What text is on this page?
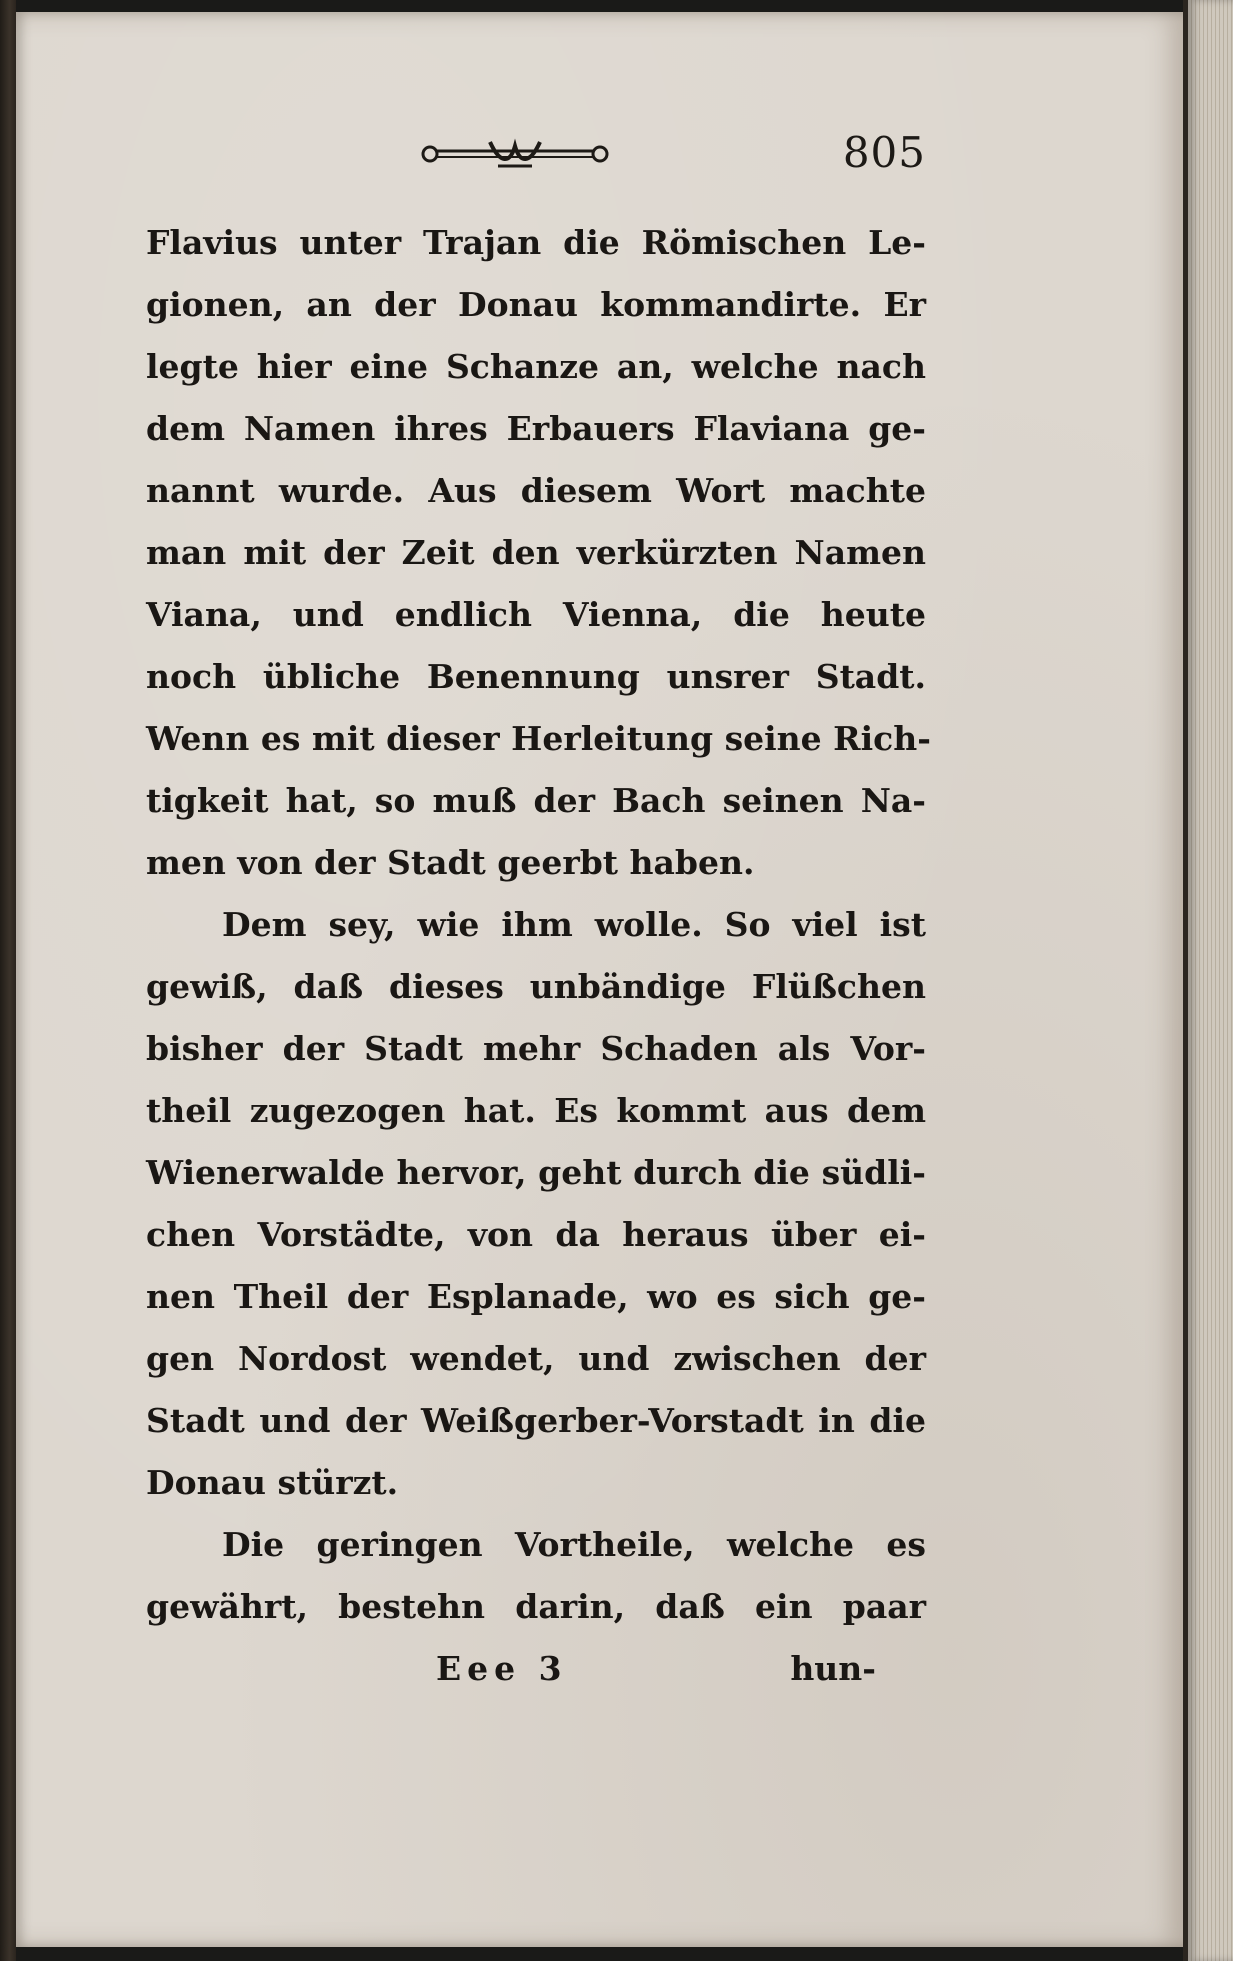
805
Flavius unter Trajan die Römischen Le-
gionen, an der Donau kommandirte. Er
legte hier eine Schanze an, welche nach
dem Namen ihres Erbauers Flaviana ge-
nannt wurde. Aus diesem Wort machte
man mit der Zeit den verkürzten Namen
Viana, und endlich Vienna, die heute
noch übliche Benennung unsrer Stadt.
Wenn es mit dieser Herleitung seine Rich-
tigkeit hat, so muß der Bach seinen Na-
men von der Stadt geerbt haben.
Dem sey, wie ihm wolle. So viel ist
gewiß, daß dieses unbändige Flüßchen
bisher der Stadt mehr Schaden als Vor-
theil zugezogen hat. Es kommt aus dem
Wienerwalde hervor, geht durch die südli-
chen Vorstädte, von da heraus über ei-
nen Theil der Esplanade, wo es sich ge-
gen Nordost wendet, und zwischen der
Stadt und der Weißgerber-Vorstadt in die
Donau stürzt.
Die geringen Vortheile, welche es
gewährt, bestehn darin, daß ein paar
Eee 3	hun-
